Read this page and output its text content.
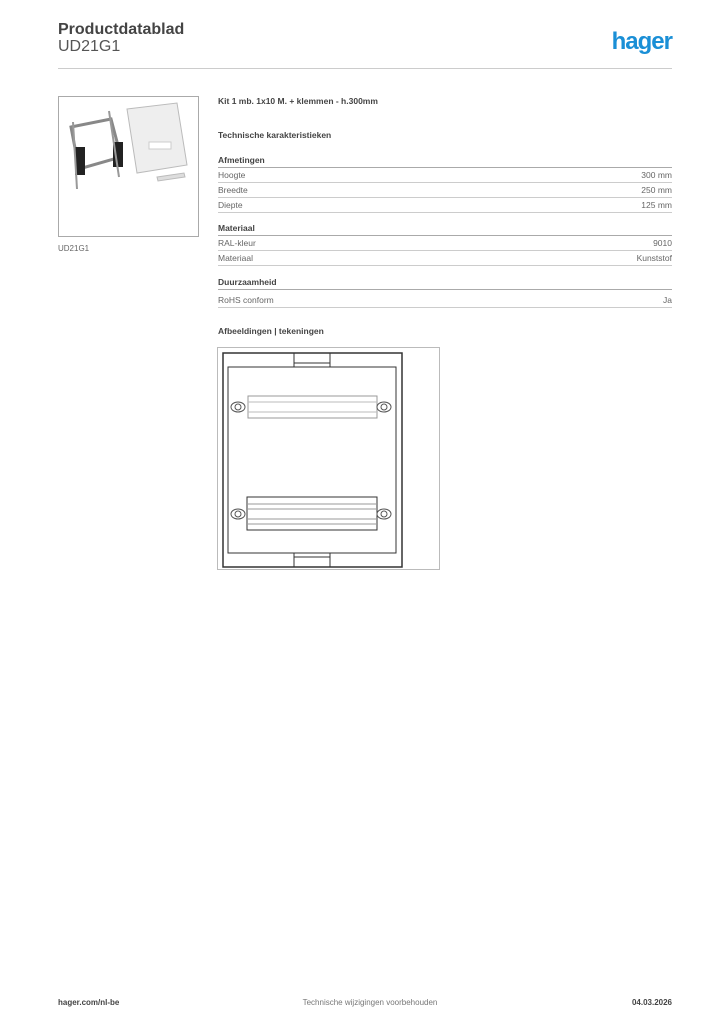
Productdatablad
UD21G1	hager
UD21G1
Kit 1 mb. 1x10 M. + klemmen - h.300mm
Technische karakteristieken
Afmetingen
Hoogte	300 mm
Breedte	250 mm
Diepte	125 mm
Materiaal
RAL-kleur	9010
Materiaal	Kunststof
Duurzaamheid
RoHS conform	Ja
Afbeeldingen | tekeningen
hager.com/nl-be	Technische wijzigingen voorbehouden	04.03.2026
